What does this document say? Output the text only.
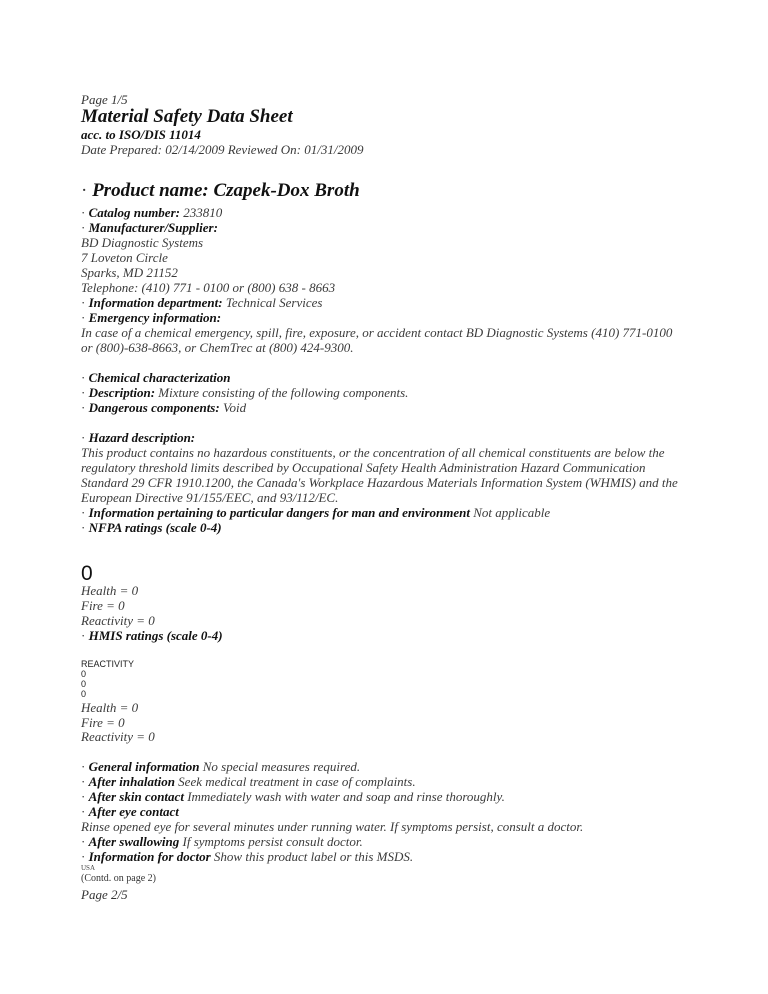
Page 1/5
Material Safety Data Sheet
acc. to ISO/DIS 11014
Date Prepared: 02/14/2009 Reviewed On: 01/31/2009
· Product name: Czapek-Dox Broth
· Catalog number: 233810
· Manufacturer/Supplier:
BD Diagnostic Systems
7 Loveton Circle
Sparks, MD 21152
Telephone: (410) 771 - 0100 or (800) 638 - 8663
· Information department: Technical Services
· Emergency information:
In case of a chemical emergency, spill, fire, exposure, or accident contact BD Diagnostic Systems (410) 771-0100 or (800)-638-8663, or ChemTrec at (800) 424-9300.
· Chemical characterization
· Description: Mixture consisting of the following components.
· Dangerous components: Void
· Hazard description:
This product contains no hazardous constituents, or the concentration of all chemical constituents are below the regulatory threshold limits described by Occupational Safety Health Administration Hazard Communication Standard 29 CFR 1910.1200, the Canada's Workplace Hazardous Materials Information System (WHMIS) and the European Directive 91/155/EEC, and 93/112/EC.
· Information pertaining to particular dangers for man and environment Not applicable
· NFPA ratings (scale 0-4)
0
Health = 0
Fire = 0
Reactivity = 0
· HMIS ratings (scale 0-4)
REACTIVITY
0
0
0
Health = 0
Fire = 0
Reactivity = 0
· General information No special measures required.
· After inhalation Seek medical treatment in case of complaints.
· After skin contact Immediately wash with water and soap and rinse thoroughly.
· After eye contact
Rinse opened eye for several minutes under running water. If symptoms persist, consult a doctor.
· After swallowing If symptoms persist consult doctor.
· Information for doctor Show this product label or this MSDS.
USA
(Contd. on page 2)
Page 2/5
